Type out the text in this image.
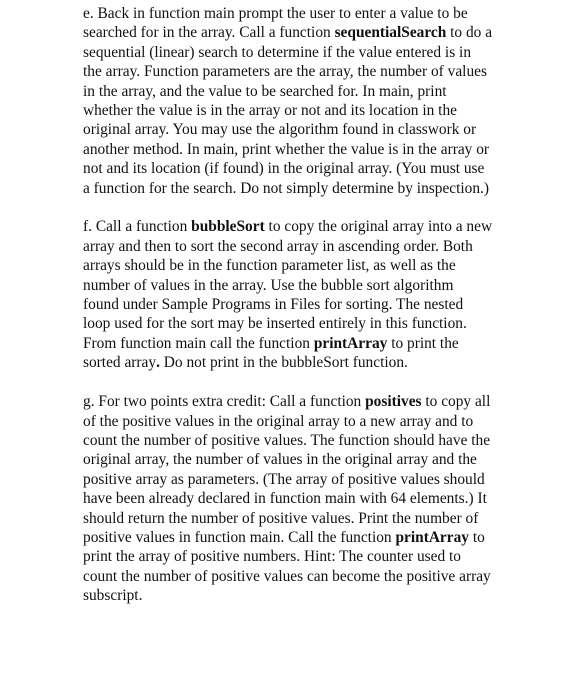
e. Back in function main prompt the user to enter a value to be searched for in the array. Call a function sequentialSearch to do a sequential (linear) search to determine if the value entered is in the array. Function parameters are the array, the number of values in the array, and the value to be searched for. In main, print whether the value is in the array or not and its location in the original array. You may use the algorithm found in classwork or another method. In main, print whether the value is in the array or not and its location (if found) in the original array. (You must use a function for the search. Do not simply determine by inspection.)

f. Call a function bubbleSort to copy the original array into a new array and then to sort the second array in ascending order. Both arrays should be in the function parameter list, as well as the number of values in the array. Use the bubble sort algorithm found under Sample Programs in Files for sorting. The nested loop used for the sort may be inserted entirely in this function. From function main call the function printArray to print the sorted array. Do not print in the bubbleSort function.

g. For two points extra credit: Call a function positives to copy all of the positive values in the original array to a new array and to count the number of positive values. The function should have the original array, the number of values in the original array and the positive array as parameters. (The array of positive values should have been already declared in function main with 64 elements.) It should return the number of positive values. Print the number of positive values in function main. Call the function printArray to print the array of positive numbers. Hint: The counter used to count the number of positive values can become the positive array subscript.
